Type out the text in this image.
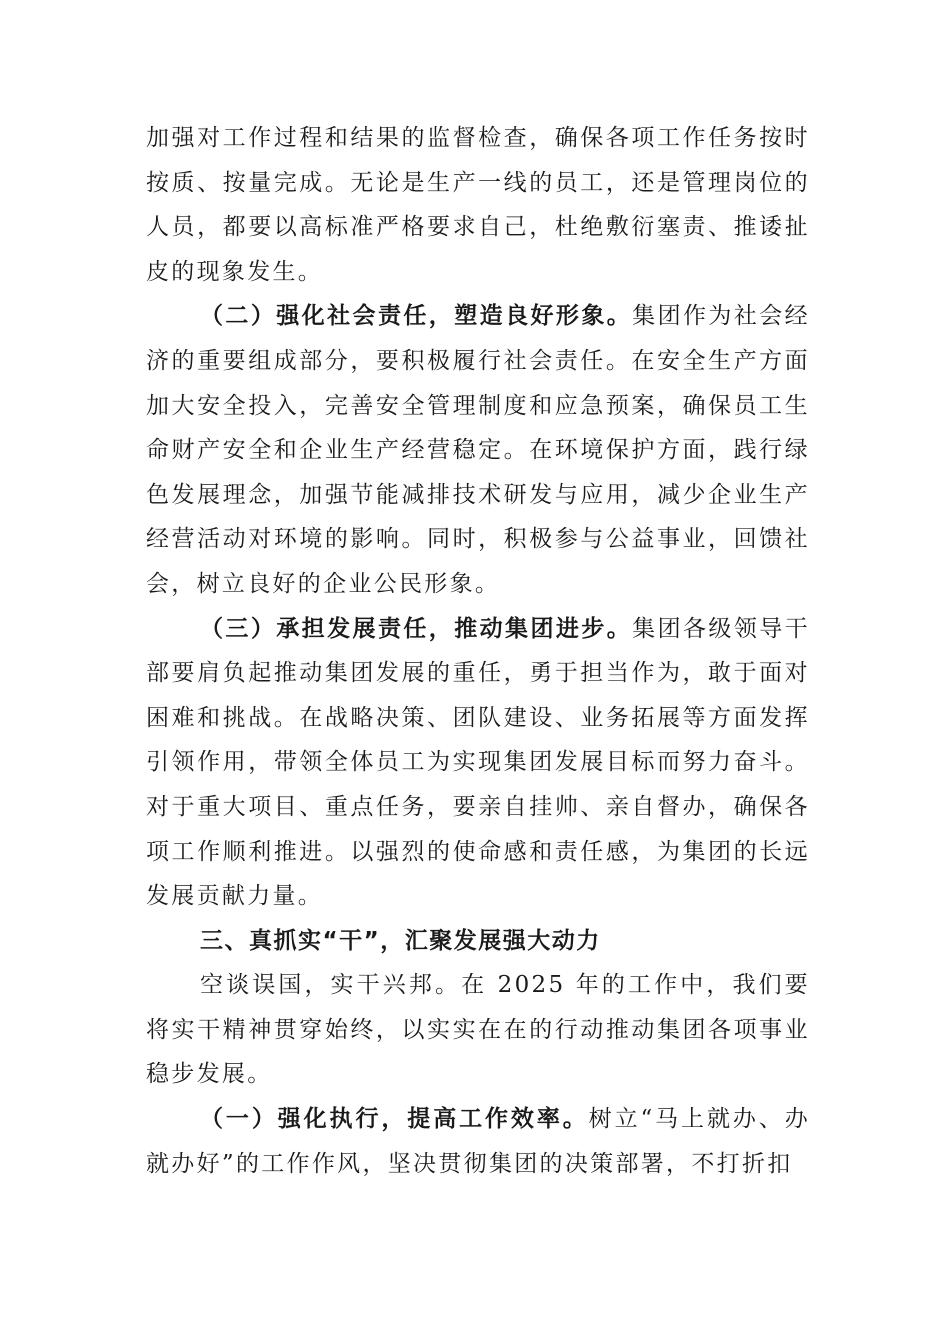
加强对工作过程和结果的监督检查，确保各项工作任务按时按质、按量完成。无论是生产一线的员工，还是管理岗位的人员，都要以高标准严格要求自己，杜绝敷衍塞责、推诿扯皮的现象发生。

（二）强化社会责任，塑造良好形象。集团作为社会经济的重要组成部分，要积极履行社会责任。在安全生产方面加大安全投入，完善安全管理制度和应急预案，确保员工生命财产安全和企业生产经营稳定。在环境保护方面，践行绿色发展理念，加强节能减排技术研发与应用，减少企业生产经营活动对环境的影响。同时，积极参与公益事业，回馈社会，树立良好的企业公民形象。

（三）承担发展责任，推动集团进步。集团各级领导干部要肩负起推动集团发展的重任，勇于担当作为，敢于面对困难和挑战。在战略决策、团队建设、业务拓展等方面发挥引领作用，带领全体员工为实现集团发展目标而努力奋斗。对于重大项目、重点任务，要亲自挂帅、亲自督办，确保各项工作顺利推进。以强烈的使命感和责任感，为集团的长远发展贡献力量。

三、真抓实“干”，汇聚发展强大动力

空谈误国，实干兴邦。在 2025 年的工作中，我们要将实干精神贯穿始终，以实实在在的行动推动集团各项事业稳步发展。

（一）强化执行，提高工作效率。树立“马上就办、办就办好”的工作作风，坚决贯彻集团的决策部署，不打折扣
